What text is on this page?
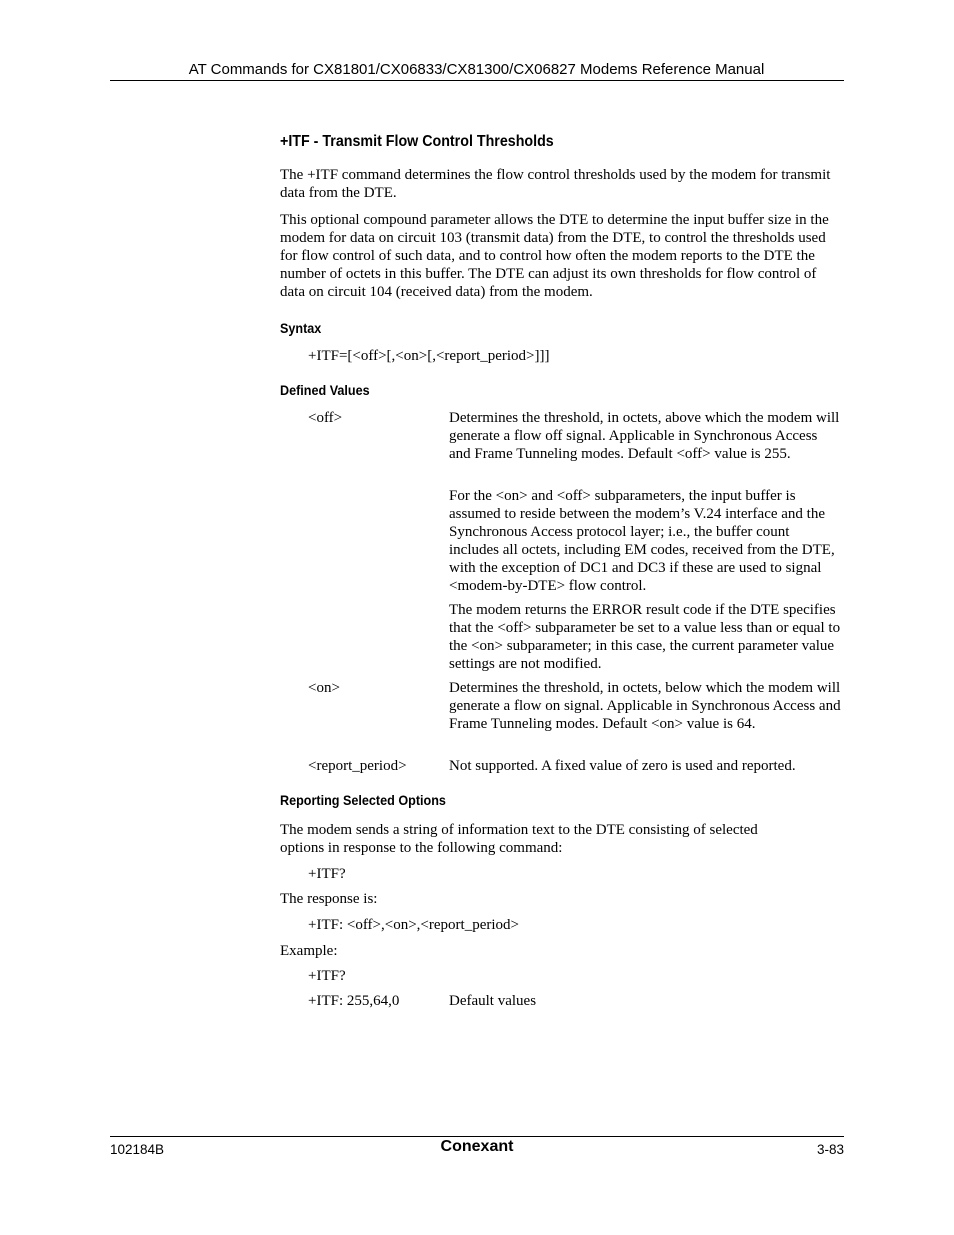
AT Commands for CX81801/CX06833/CX81300/CX06827 Modems Reference Manual
+ITF - Transmit Flow Control Thresholds
The +ITF command determines the flow control thresholds used by the modem for transmit data from the DTE.
This optional compound parameter allows the DTE to determine the input buffer size in the modem for data on circuit 103 (transmit data) from the DTE, to control the thresholds used for flow control of such data, and to control how often the modem reports to the DTE the number of octets in this buffer. The DTE can adjust its own thresholds for flow control of data on circuit 104 (received data) from the modem.
Syntax
+ITF=[<off>[,<on>[,<report_period>]]]
Defined Values
<off>	Determines the threshold, in octets, above which the modem will generate a flow off signal. Applicable in Synchronous Access and Frame Tunneling modes. Default <off> value is 255.
For the <on> and <off> subparameters, the input buffer is assumed to reside between the modem’s V.24 interface and the Synchronous Access protocol layer; i.e., the buffer count includes all octets, including EM codes, received from the DTE, with the exception of DC1 and DC3 if these are used to signal <modem-by-DTE> flow control.
The modem returns the ERROR result code if the DTE specifies that the <off> subparameter be set to a value less than or equal to the <on> subparameter; in this case, the current parameter value settings are not modified.
<on>	Determines the threshold, in octets, below which the modem will generate a flow on signal. Applicable in Synchronous Access and Frame Tunneling modes. Default <on> value is 64.
<report_period>	Not supported. A fixed value of zero is used and reported.
Reporting Selected Options
The modem sends a string of information text to the DTE consisting of selected options in response to the following command:
+ITF?
The response is:
+ITF: <off>,<on>,<report_period>
Example:
+ITF?
+ITF: 255,64,0	Default values
102184B	Conexant	3-83
